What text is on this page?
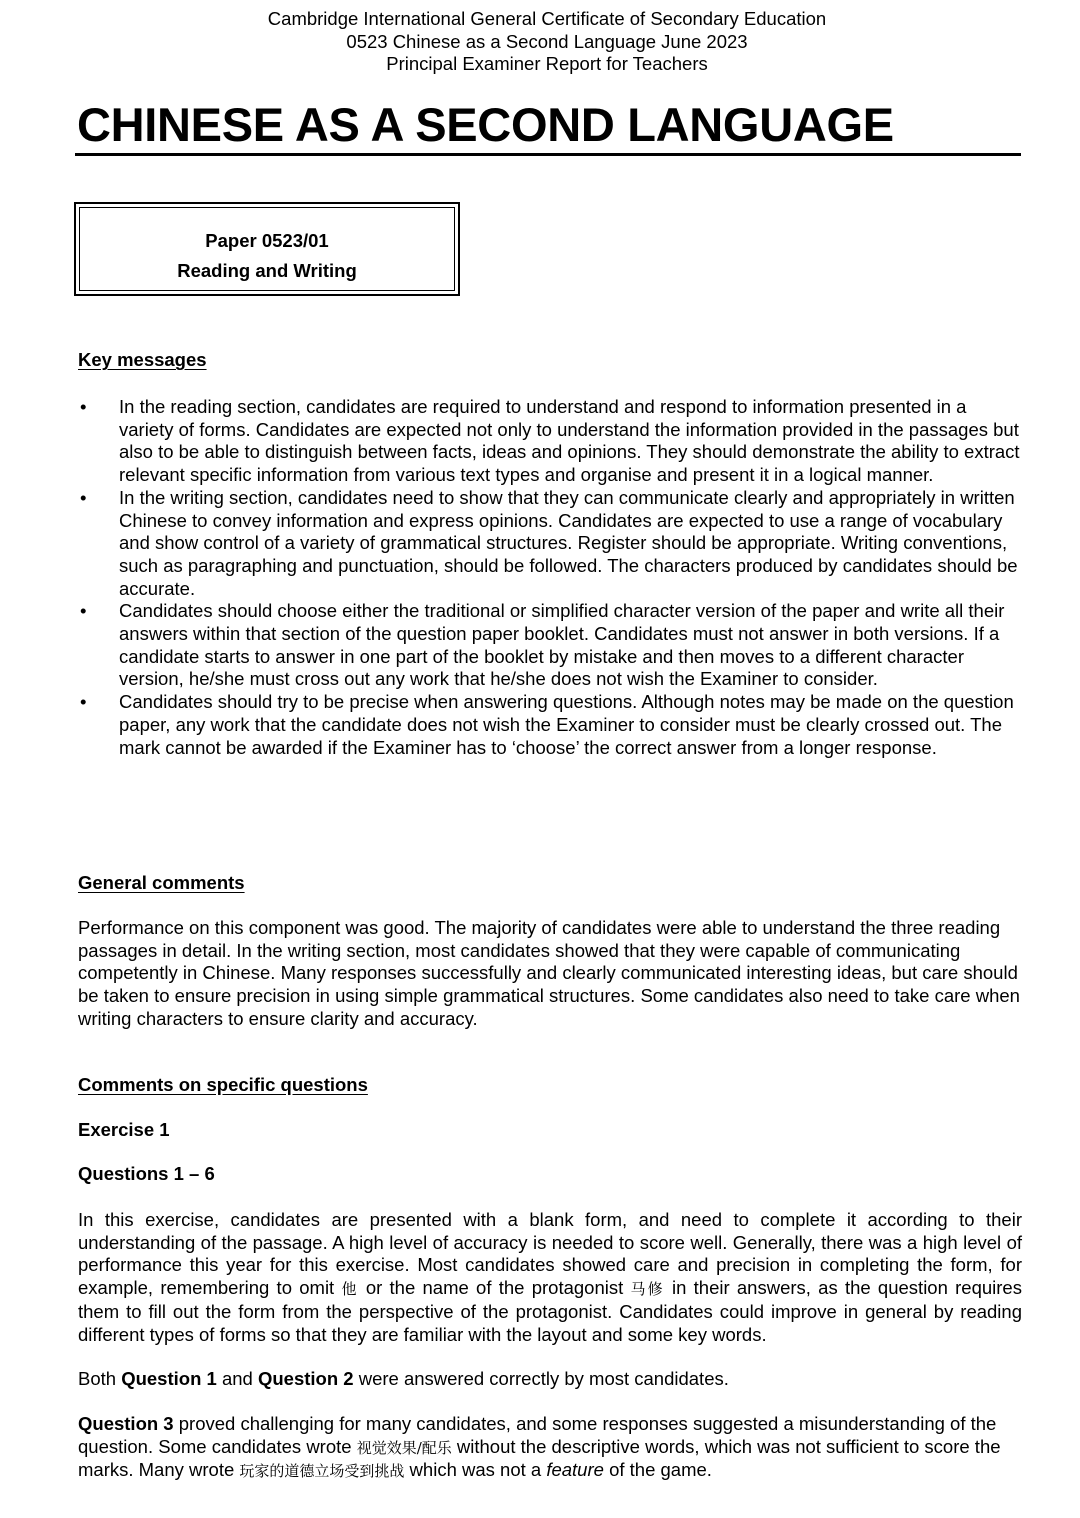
Cambridge International General Certificate of Secondary Education
0523 Chinese as a Second Language June 2023
Principal Examiner Report for Teachers
CHINESE AS A SECOND LANGUAGE
Paper 0523/01
Reading and Writing
Key messages
• In the reading section, candidates are required to understand and respond to information presented in a variety of forms. Candidates are expected not only to understand the information provided in the passages but also to be able to distinguish between facts, ideas and opinions. They should demonstrate the ability to extract relevant specific information from various text types and organise and present it in a logical manner.
• In the writing section, candidates need to show that they can communicate clearly and appropriately in written Chinese to convey information and express opinions. Candidates are expected to use a range of vocabulary and show control of a variety of grammatical structures. Register should be appropriate. Writing conventions, such as paragraphing and punctuation, should be followed. The characters produced by candidates should be accurate.
• Candidates should choose either the traditional or simplified character version of the paper and write all their answers within that section of the question paper booklet. Candidates must not answer in both versions. If a candidate starts to answer in one part of the booklet by mistake and then moves to a different character version, he/she must cross out any work that he/she does not wish the Examiner to consider.
• Candidates should try to be precise when answering questions. Although notes may be made on the question paper, any work that the candidate does not wish the Examiner to consider must be clearly crossed out. The mark cannot be awarded if the Examiner has to ‘choose’ the correct answer from a longer response.
General comments

Performance on this component was good. The majority of candidates were able to understand the three reading passages in detail. In the writing section, most candidates showed that they were capable of communicating competently in Chinese. Many responses successfully and clearly communicated interesting ideas, but care should be taken to ensure precision in using simple grammatical structures. Some candidates also need to take care when writing characters to ensure clarity and accuracy.

Comments on specific questions
Exercise 1
Questions 1 – 6

In this exercise, candidates are presented with a blank form, and need to complete it according to their understanding of the passage. A high level of accuracy is needed to score well. Generally, there was a high level of performance this year for this exercise. Most candidates showed care and precision in completing the form, for example, remembering to omit 他 or the name of the protagonist 马修 in their answers, as the question requires them to fill out the form from the perspective of the protagonist. Candidates could improve in general by reading different types of forms so that they are familiar with the layout and some key words.

Both Question 1 and Question 2 were answered correctly by most candidates.

Question 3 proved challenging for many candidates, and some responses suggested a misunderstanding of the question. Some candidates wrote 视觉效果/配乐 without the descriptive words, which was not sufficient to score the marks. Many wrote 玩家的道德立场受到挑战 which was not a feature of the game.
